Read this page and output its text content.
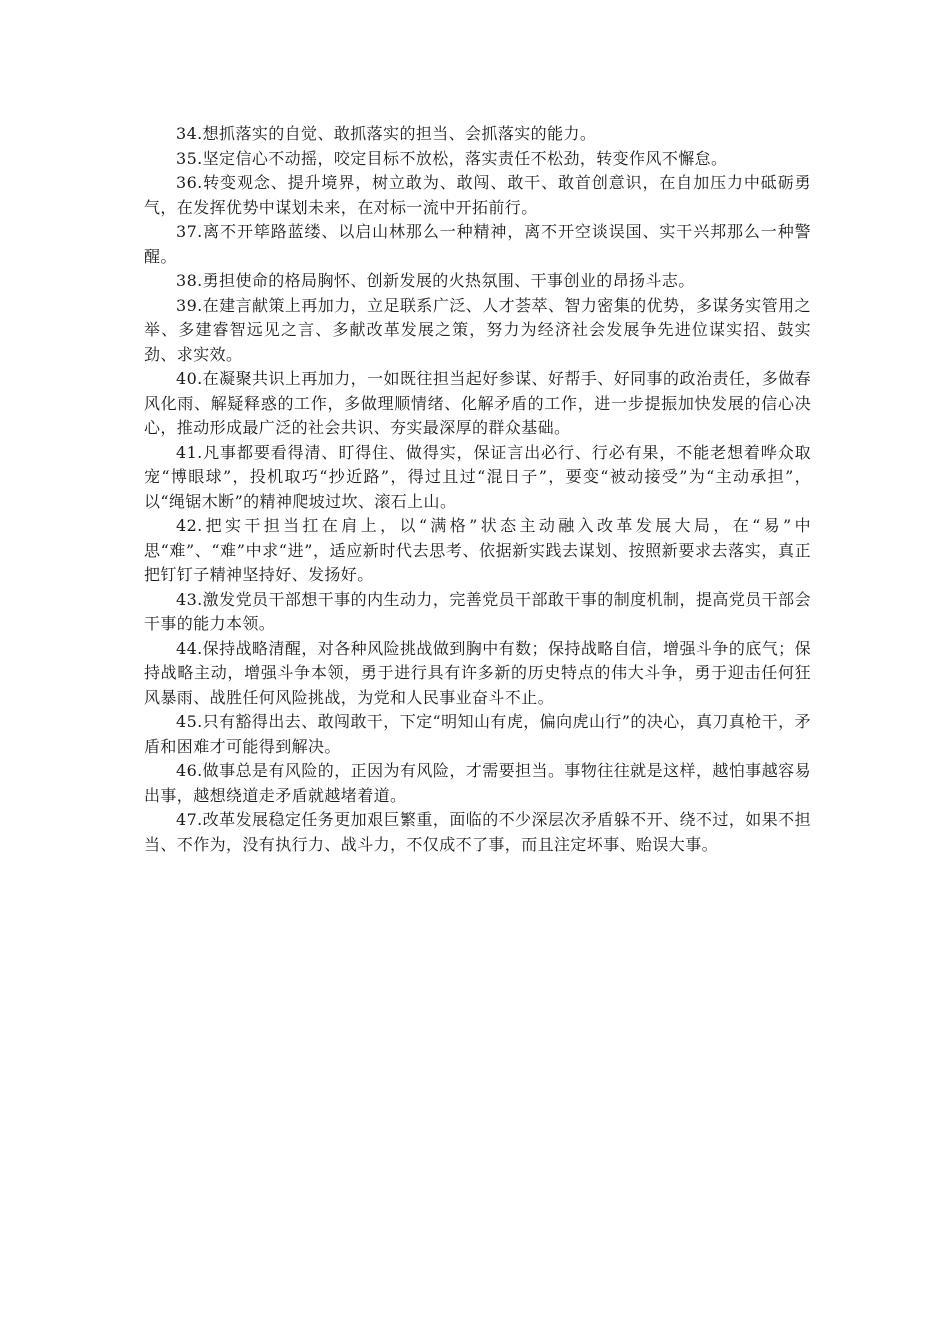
34.想抓落实的自觉、敢抓落实的担当、会抓落实的能力。

35.坚定信心不动摇，咬定目标不放松，落实责任不松劲，转变作风不懈怠。

36.转变观念、提升境界，树立敢为、敢闯、敢干、敢首创意识，在自加压力中砥砺勇气，在发挥优势中谋划未来，在对标一流中开拓前行。

37.离不开筚路蓝缕、以启山林那么一种精神，离不开空谈误国、实干兴邦那么一种警醒。

38.勇担使命的格局胸怀、创新发展的火热氛围、干事创业的昂扬斗志。

39.在建言献策上再加力，立足联系广泛、人才荟萃、智力密集的优势，多谋务实管用之举、多建睿智远见之言、多献改革发展之策，努力为经济社会发展争先进位谋实招、鼓实劲、求实效。

40.在凝聚共识上再加力，一如既往担当起好参谋、好帮手、好同事的政治责任，多做春风化雨、解疑释惑的工作，多做理顺情绪、化解矛盾的工作，进一步提振加快发展的信心决心，推动形成最广泛的社会共识、夯实最深厚的群众基础。

41.凡事都要看得清、盯得住、做得实，保证言出必行、行必有果，不能老想着哗众取宠“博眼球”，投机取巧“抄近路”，得过且过“混日子”，要变“被动接受”为“主动承担”，以“绳锯木断”的精神爬坡过坎、滚石上山。

42.把实干担当扛在肩上，以“满格”状态主动融入改革发展大局，在“易”中思“难”、“难”中求“进”，适应新时代去思考、依据新实践去谋划、按照新要求去落实，真正把钉钉子精神坚持好、发扬好。

43.激发党员干部想干事的内生动力，完善党员干部敢干事的制度机制，提高党员干部会干事的能力本领。

44.保持战略清醒，对各种风险挑战做到胸中有数；保持战略自信，增强斗争的底气；保持战略主动，增强斗争本领，勇于进行具有许多新的历史特点的伟大斗争，勇于迎击任何狂风暴雨、战胜任何风险挑战，为党和人民事业奋斗不止。

45.只有豁得出去、敢闯敢干，下定“明知山有虎，偏向虎山行”的决心，真刀真枪干，矛盾和困难才可能得到解决。

46.做事总是有风险的，正因为有风险，才需要担当。事物往往就是这样，越怕事越容易出事，越想绕道走矛盾就越堵着道。

47.改革发展稳定任务更加艰巨繁重，面临的不少深层次矛盾躲不开、绕不过，如果不担当、不作为，没有执行力、战斗力，不仅成不了事，而且注定坏事、贻误大事。
